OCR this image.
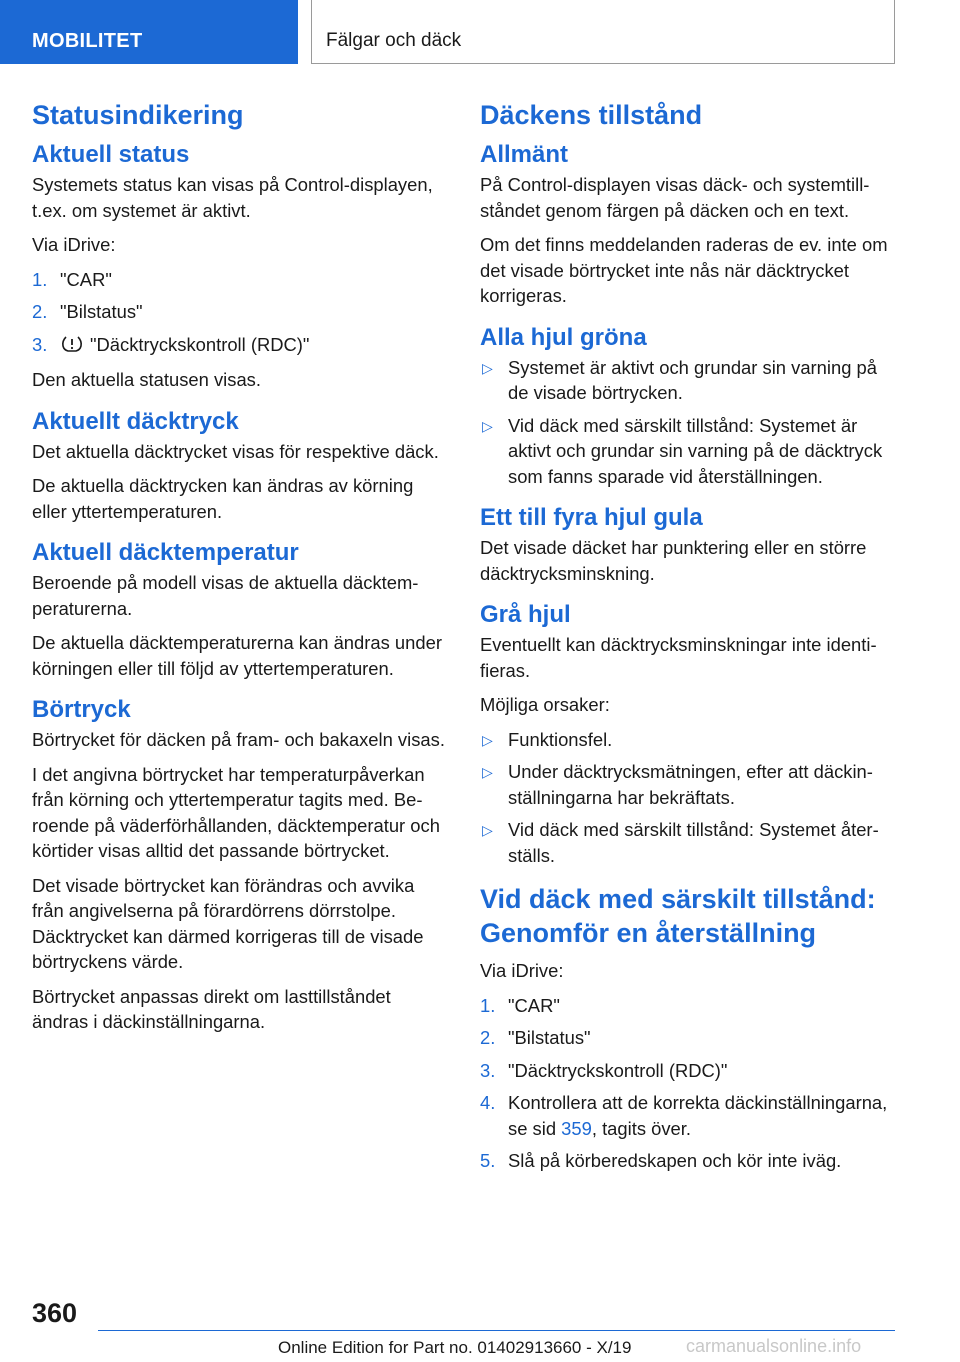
MOBILITET	Fälgar och däck
Statusindikering
Aktuell status

Systemets status kan visas på Control-displayen, t.ex. om systemet är aktivt.

Via iDrive:

1. "CAR"
2. "Bilstatus"
3. "Däcktryckskontroll (RDC)"

Den aktuella statusen visas.

Aktuellt däcktryck

Det aktuella däcktrycket visas för respektive däck.

De aktuella däcktrycken kan ändras av körning eller yttertemperaturen.

Aktuell däcktemperatur

Beroende på modell visas de aktuella däcktemperaturerna.

De aktuella däcktemperaturerna kan ändras under körningen eller till följd av yttertemperaturen.

Börtryck

Börtrycket för däcken på fram- och bakaxeln visas.

I det angivna börtrycket har temperaturpåverkan från körning och yttertemperatur tagits med. Beroende på väderförhållanden, däcktemperatur och körtider visas alltid det passande börtrycket.

Det visade börtrycket kan förändras och avvika från angivelserna på förardörrens dörrstolpe. Däcktrycket kan därmed korrigeras till de visade börtryckens värde.

Börtrycket anpassas direkt om lasttillståndet ändras i däckinställningarna.

Däckens tillstånd
Allmänt

På Control-displayen visas däck- och systemtillståndet genom färgen på däcken och en text.

Om det finns meddelanden raderas de ev. inte om det visade börtrycket inte nås när däcktrycket korrigeras.

Alla hjul gröna
▷ Systemet är aktivt och grundar sin varning på de visade börtrycken.
▷ Vid däck med särskilt tillstånd: Systemet är aktivt och grundar sin varning på de däcktryck som fanns sparade vid återställningen.
Ett till fyra hjul gula

Det visade däcket har punktering eller en större däcktrycksminskning.

Grå hjul

Eventuellt kan däcktrycksminskningar inte identifieras.

Möjliga orsaker:

▷ Funktionsfel.
▷ Under däcktrycksmätningen, efter att däckinställningarna har bekräftats.
▷ Vid däck med särskilt tillstånd: Systemet återställs.
Vid däck med särskilt tillstånd: Genomför en återställning

Via iDrive:

1. "CAR"
2. "Bilstatus"
3. "Däcktryckskontroll (RDC)"
4. Kontrollera att de korrekta däckinställningarna, se sid 359, tagits över.
5. Slå på körberedskapen och kör inte iväg.
360
Online Edition for Part no. 01402913660 - X/19	carmanualsonline.info
